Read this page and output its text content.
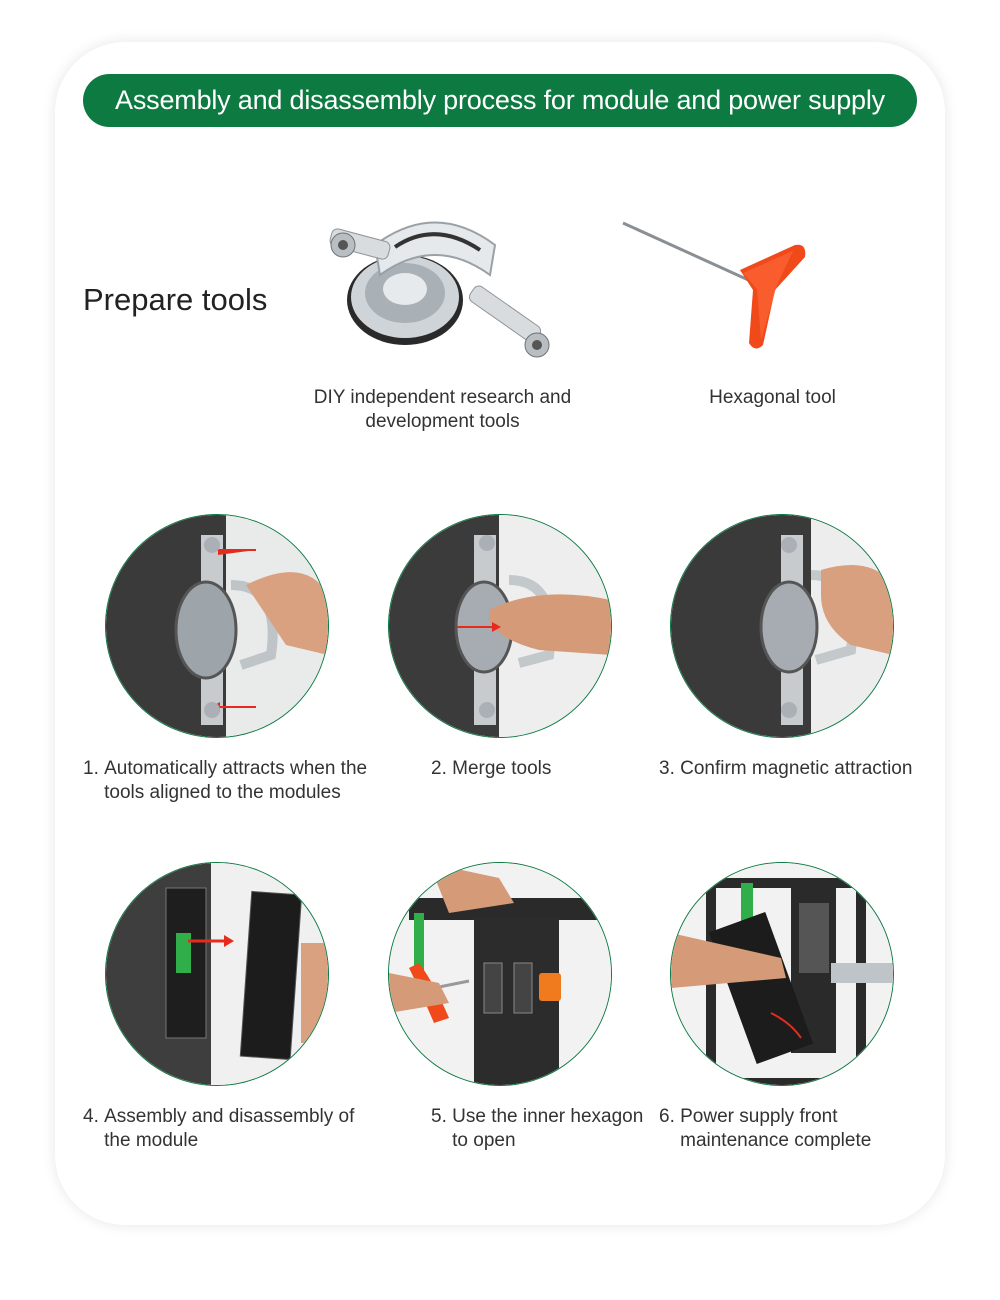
Assembly and disassembly process for module and power supply
Prepare tools
DIY independent research and development tools
Hexagonal tool
1. Automatically attracts when the tools aligned to the modules
2. Merge tools	3. Confirm magnetic attraction
4. Assembly and disassembly of the module
5. Use the inner hexagon to open
6. Power supply front maintenance complete
